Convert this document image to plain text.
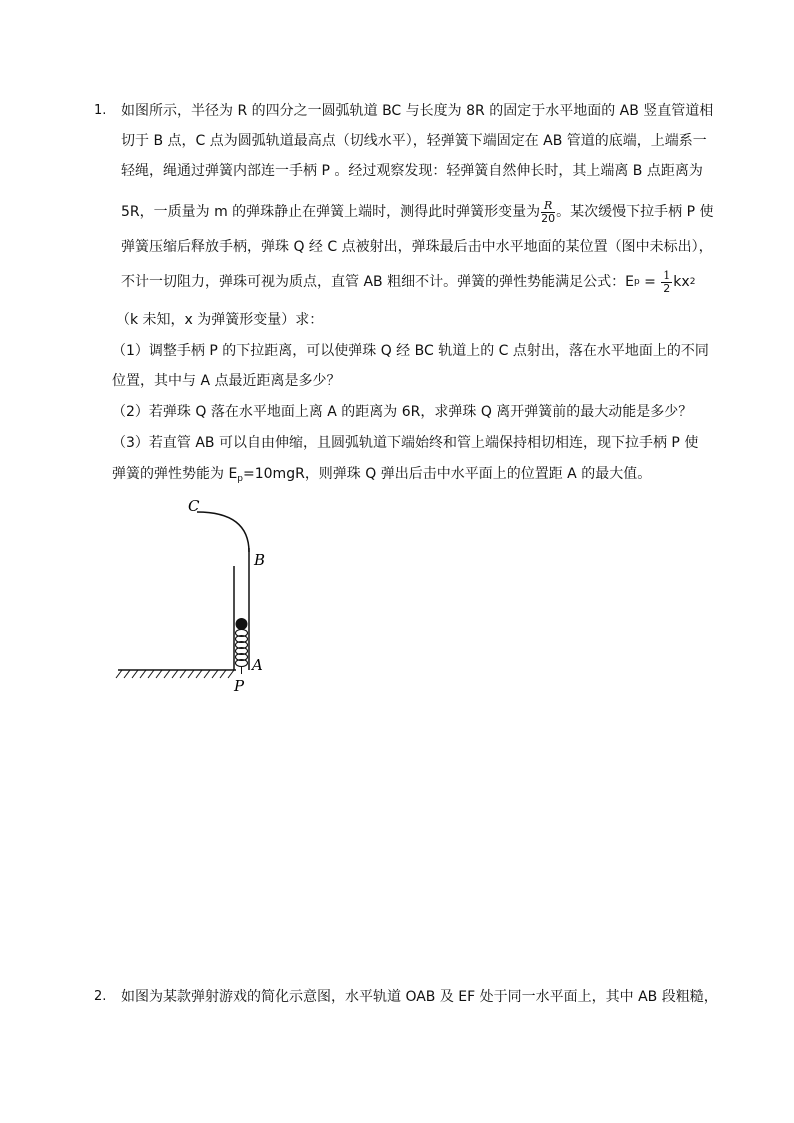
1. 如图所示，半径为 R 的四分之一圆弧轨道 BC 与长度为 8R 的固定于水平地面的 AB 竖直管道相
切于 B 点，C 点为圆弧轨道最高点（切线水平），轻弹簧下端固定在 AB 管道的底端，上端系一
轻绳，绳通过弹簧内部连一手柄 P 。经过观察发现：轻弹簧自然伸长时，其上端离 B 点距离为
5R，一质量为 m 的弹珠静止在弹簧上端时，测得此时弹簧形变量为 $\frac{R}{20}$ 。某次缓慢下拉手柄 P 使
弹簧压缩后释放手柄，弹珠 Q 经 C 点被射出，弹珠最后击中水平地面的某位置（图中未标出），
不计一切阻力，弹珠可视为质点，直管 AB 粗细不计。弹簧的弹性势能满足公式：E $p = \frac{1}{2}$ kx 2
（k 未知，x 为弹簧形变量）求：
（1）调整手柄 P 的下拉距离，可以使弹珠 Q 经 BC 轨道上的 C 点射出，落在水平地面上的不同
位置，其中与 A 点最近距离是多少？
（2）若弹珠 Q 落在水平地面上离 A 的距离为 6R，求弹珠 Q 离开弹簧前的最大动能是多少？
（3）若直管 AB 可以自由伸缩，且圆弧轨道下端始终和管上端保持相切相连，现下拉手柄 P 使
弹簧的弹性势能为 $E_p=10mgR$，则弹珠 Q 弹出后击中水平面上的位置距 A 的最大值。
C
B
A
P
2. 如图为某款弹射游戏的简化示意图，水平轨道 OAB 及 EF 处于同一水平面上，其中 AB 段粗糙，
